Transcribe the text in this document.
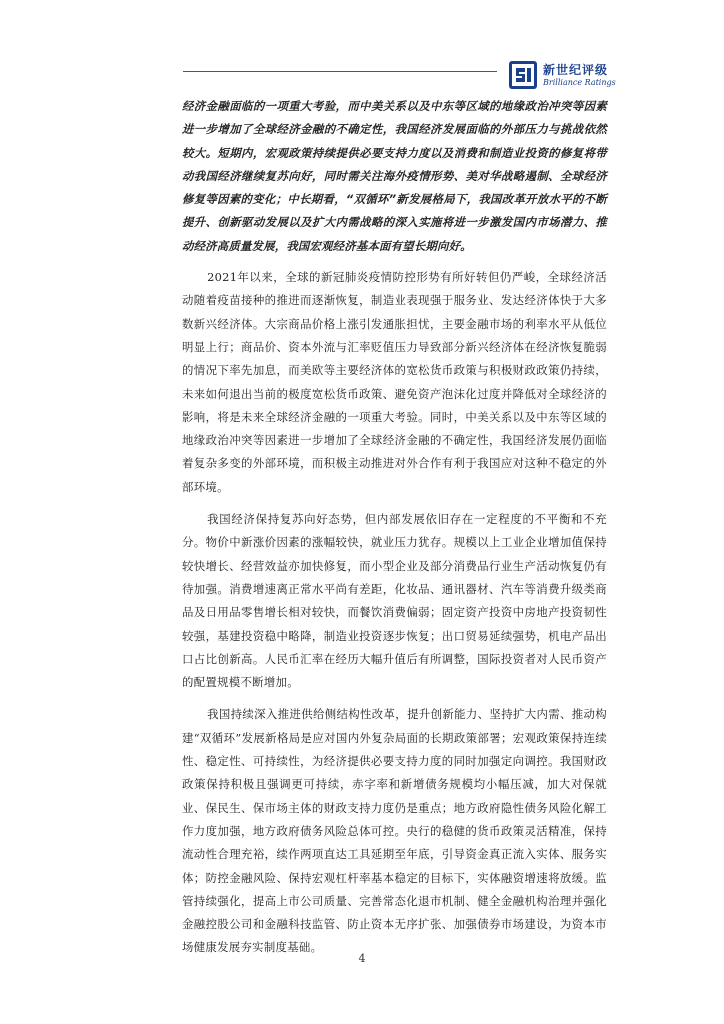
新世纪评级
Brilliance Ratings

经济金融面临的一项重大考验，而中美关系以及中东等区域的地缘政治冲突等因素进一步增加了全球经济金融的不确定性，我国经济发展面临的外部压力与挑战依然较大。短期内，宏观政策持续提供必要支持力度以及消费和制造业投资的修复将带动我国经济继续复苏向好，同时需关注海外疫情形势、美对华战略遏制、全球经济修复等因素的变化；中长期看，“双循环”新发展格局下，我国改革开放水平的不断提升、创新驱动发展以及扩大内需战略的深入实施将进一步激发国内市场潜力、推动经济高质量发展，我国宏观经济基本面有望长期向好。

2021年以来，全球的新冠肺炎疫情防控形势有所好转但仍严峻，全球经济活动随着疫苗接种的推进而逐渐恢复，制造业表现强于服务业、发达经济体快于大多数新兴经济体。大宗商品价格上涨引发通胀担忧，主要金融市场的利率水平从低位明显上行；商品价、资本外流与汇率贬值压力导致部分新兴经济体在经济恢复脆弱的情况下率先加息，而美欧等主要经济体的宽松货币政策与积极财政政策仍持续，未来如何退出当前的极度宽松货币政策、避免资产泡沫化过度并降低对全球经济的影响，将是未来全球经济金融的一项重大考验。同时，中美关系以及中东等区域的地缘政治冲突等因素进一步增加了全球经济金融的不确定性，我国经济发展仍面临着复杂多变的外部环境，而积极主动推进对外合作有利于我国应对这种不稳定的外部环境。

我国经济保持复苏向好态势，但内部发展依旧存在一定程度的不平衡和不充分。物价中新涨价因素的涨幅较快，就业压力犹存。规模以上工业企业增加值保持较快增长、经营效益亦加快修复，而小型企业及部分消费品行业生产活动恢复仍有待加强。消费增速离正常水平尚有差距，化妆品、通讯器材、汽车等消费升级类商品及日用品零售增长相对较快，而餐饮消费偏弱；固定资产投资中房地产投资韧性较强，基建投资稳中略降，制造业投资逐步恢复；出口贸易延续强势，机电产品出口占比创新高。人民币汇率在经历大幅升值后有所调整，国际投资者对人民币资产的配置规模不断增加。

我国持续深入推进供给侧结构性改革，提升创新能力、坚持扩大内需、推动构建“双循环”发展新格局是应对国内外复杂局面的长期政策部署；宏观政策保持连续性、稳定性、可持续性，为经济提供必要支持力度的同时加强定向调控。我国财政政策保持积极且强调更可持续，赤字率和新增债务规模均小幅压减，加大对保就业、保民生、保市场主体的财政支持力度仍是重点；地方政府隐性债务风险化解工作力度加强，地方政府债务风险总体可控。央行的稳健的货币政策灵活精准，保持流动性合理充裕，续作两项直达工具延期至年底，引导资金真正流入实体、服务实体；防控金融风险、保持宏观杠杆率基本稳定的目标下，实体融资增速将放缓。监管持续强化，提高上市公司质量、完善常态化退市机制、健全金融机构治理并强化金融控股公司和金融科技监管、防止资本无序扩张、加强债券市场建设，为资本市场健康发展夯实制度基础。

4
